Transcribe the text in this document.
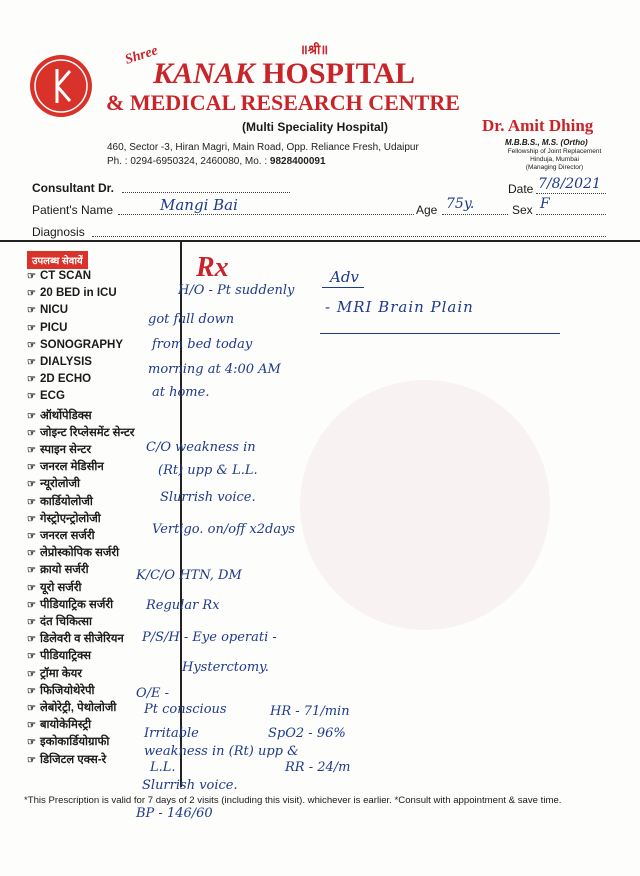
॥श्री॥
Shree
KANAK HOSPITAL
& MEDICAL RESEARCH CENTRE
(Multi Speciality Hospital)
460, Sector -3, Hiran Magri, Main Road, Opp. Reliance Fresh, Udaipur
Ph. : 0294-6950324, 2460080, Mo. : 9828400091
Dr. Amit Dhing
M.B.B.S., M.S. (Ortho)
Fellowship of Joint Replacement
Hinduja, Mumbai
(Managing Director)
Consultant Dr.	Date 7/8/2021
Patient's Name	Mangi Bai	Age 75y.	Sex F
Diagnosis
उपलब्ध सेवायें
☞ CT SCAN
☞ 20 BED in ICU
☞ NICU
☞ PICU
☞ SONOGRAPHY
☞ DIALYSIS
☞ 2D ECHO
☞ ECG
☞ ऑर्थोपेडिक्स
☞ जोइन्ट रिप्लेसमेंट सेन्टर
☞ स्पाइन सेन्टर
☞ जनरल मेडिसीन
☞ न्यूरोलोजी
☞ कार्डियोलोजी
☞ गेस्ट्रोएन्ट्रोलोजी
☞ जनरल सर्जरी
☞ लेप्रोस्कोपिक सर्जरी
☞ क्रायो सर्जरी
☞ यूरो सर्जरी
☞ पीडियाट्रिक सर्जरी
☞ दंत चिकित्सा
☞ डिलेवरी व सीजेरियन
☞ पीडियाट्रिक्स
☞ ट्रॉमा केयर
☞ फिजियोथेरेपी
☞ लेबोरेट्री, पेथोलोजी
☞ बायोकेमिस्ट्री
☞ इकोकार्डियोग्राफी
☞ डिजिटल एक्स-रे
Rx
H/O - Pt suddenly
got fall down
from bed today
morning at 4:00 AM
at home.
C/O weakness in
(Rt) upp & L.L.
Slurrish voice.
Vertigo. on/off x2days
K/C/O HTN, DM
Regular Rx
P/S/H - Eye operati -
Hysterctomy.
O/E -
Pt conscious	HR - 71/min
Irritable	SpO2 - 96%
weakness in (Rt) upp &
L.L.	RR - 24/m
Slurrish voice.
BP - 146/60
Adv
- MRI Brain Plain
*This Prescription is valid for 7 days of 2 visits (including this visit). whichever is earlier. *Consult with appointment & save time.
